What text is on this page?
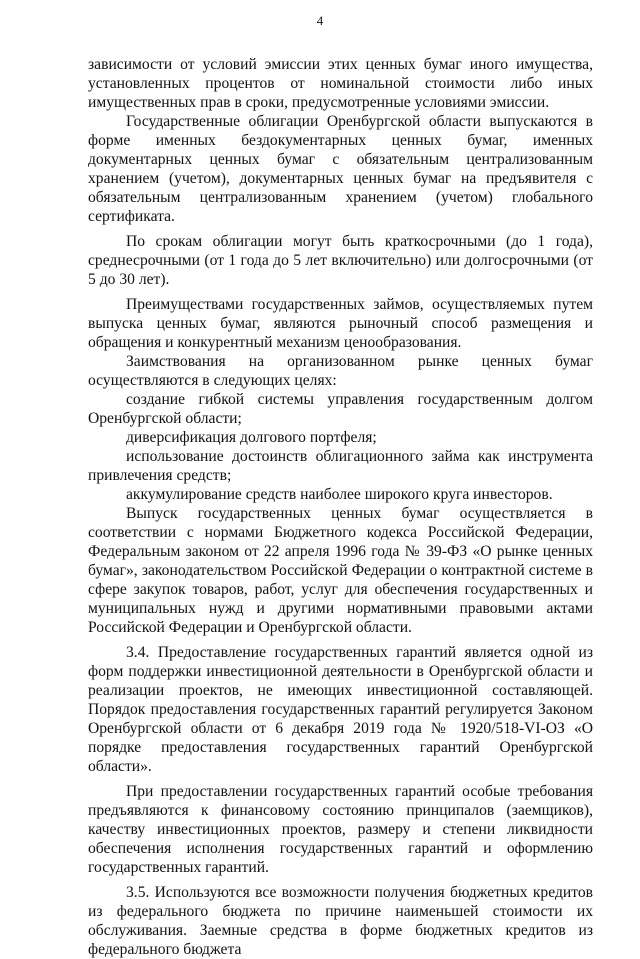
4

зависимости от условий эмиссии этих ценных бумаг иного имущества, установленных процентов от номинальной стоимости либо иных имущественных прав в сроки, предусмотренные условиями эмиссии.

Государственные облигации Оренбургской области выпускаются в форме именных бездокументарных ценных бумаг, именных документарных ценных бумаг с обязательным централизованным хранением (учетом), документарных ценных бумаг на предъявителя с обязательным централизованным хранением (учетом) глобального сертификата.

По срокам облигации могут быть краткосрочными (до 1 года), среднесрочными (от 1 года до 5 лет включительно) или долгосрочными (от 5 до 30 лет).

Преимуществами государственных займов, осуществляемых путем выпуска ценных бумаг, являются рыночный способ размещения и обращения и конкурентный механизм ценообразования.

Заимствования на организованном рынке ценных бумаг осуществляются в следующих целях:

создание гибкой системы управления государственным долгом Оренбургской области;

диверсификация долгового портфеля;

использование достоинств облигационного займа как инструмента привлечения средств;

аккумулирование средств наиболее широкого круга инвесторов.

Выпуск государственных ценных бумаг осуществляется в соответствии с нормами Бюджетного кодекса Российской Федерации, Федеральным законом от 22 апреля 1996 года № 39-ФЗ «О рынке ценных бумаг», законодательством Российской Федерации о контрактной системе в сфере закупок товаров, работ, услуг для обеспечения государственных и муниципальных нужд и другими нормативными правовыми актами Российской Федерации и Оренбургской области.

3.4. Предоставление государственных гарантий является одной из форм поддержки инвестиционной деятельности в Оренбургской области и реализации проектов, не имеющих инвестиционной составляющей. Порядок предоставления государственных гарантий регулируется Законом Оренбургской области от 6 декабря 2019 года № 1920/518-VI-ОЗ «О порядке предоставления государственных гарантий Оренбургской области».

При предоставлении государственных гарантий особые требования предъявляются к финансовому состоянию принципалов (заемщиков), качеству инвестиционных проектов, размеру и степени ликвидности обеспечения исполнения государственных гарантий и оформлению государственных гарантий.

3.5. Используются все возможности получения бюджетных кредитов из федерального бюджета по причине наименьшей стоимости их обслуживания. Заемные средства в форме бюджетных кредитов из федерального бюджета
